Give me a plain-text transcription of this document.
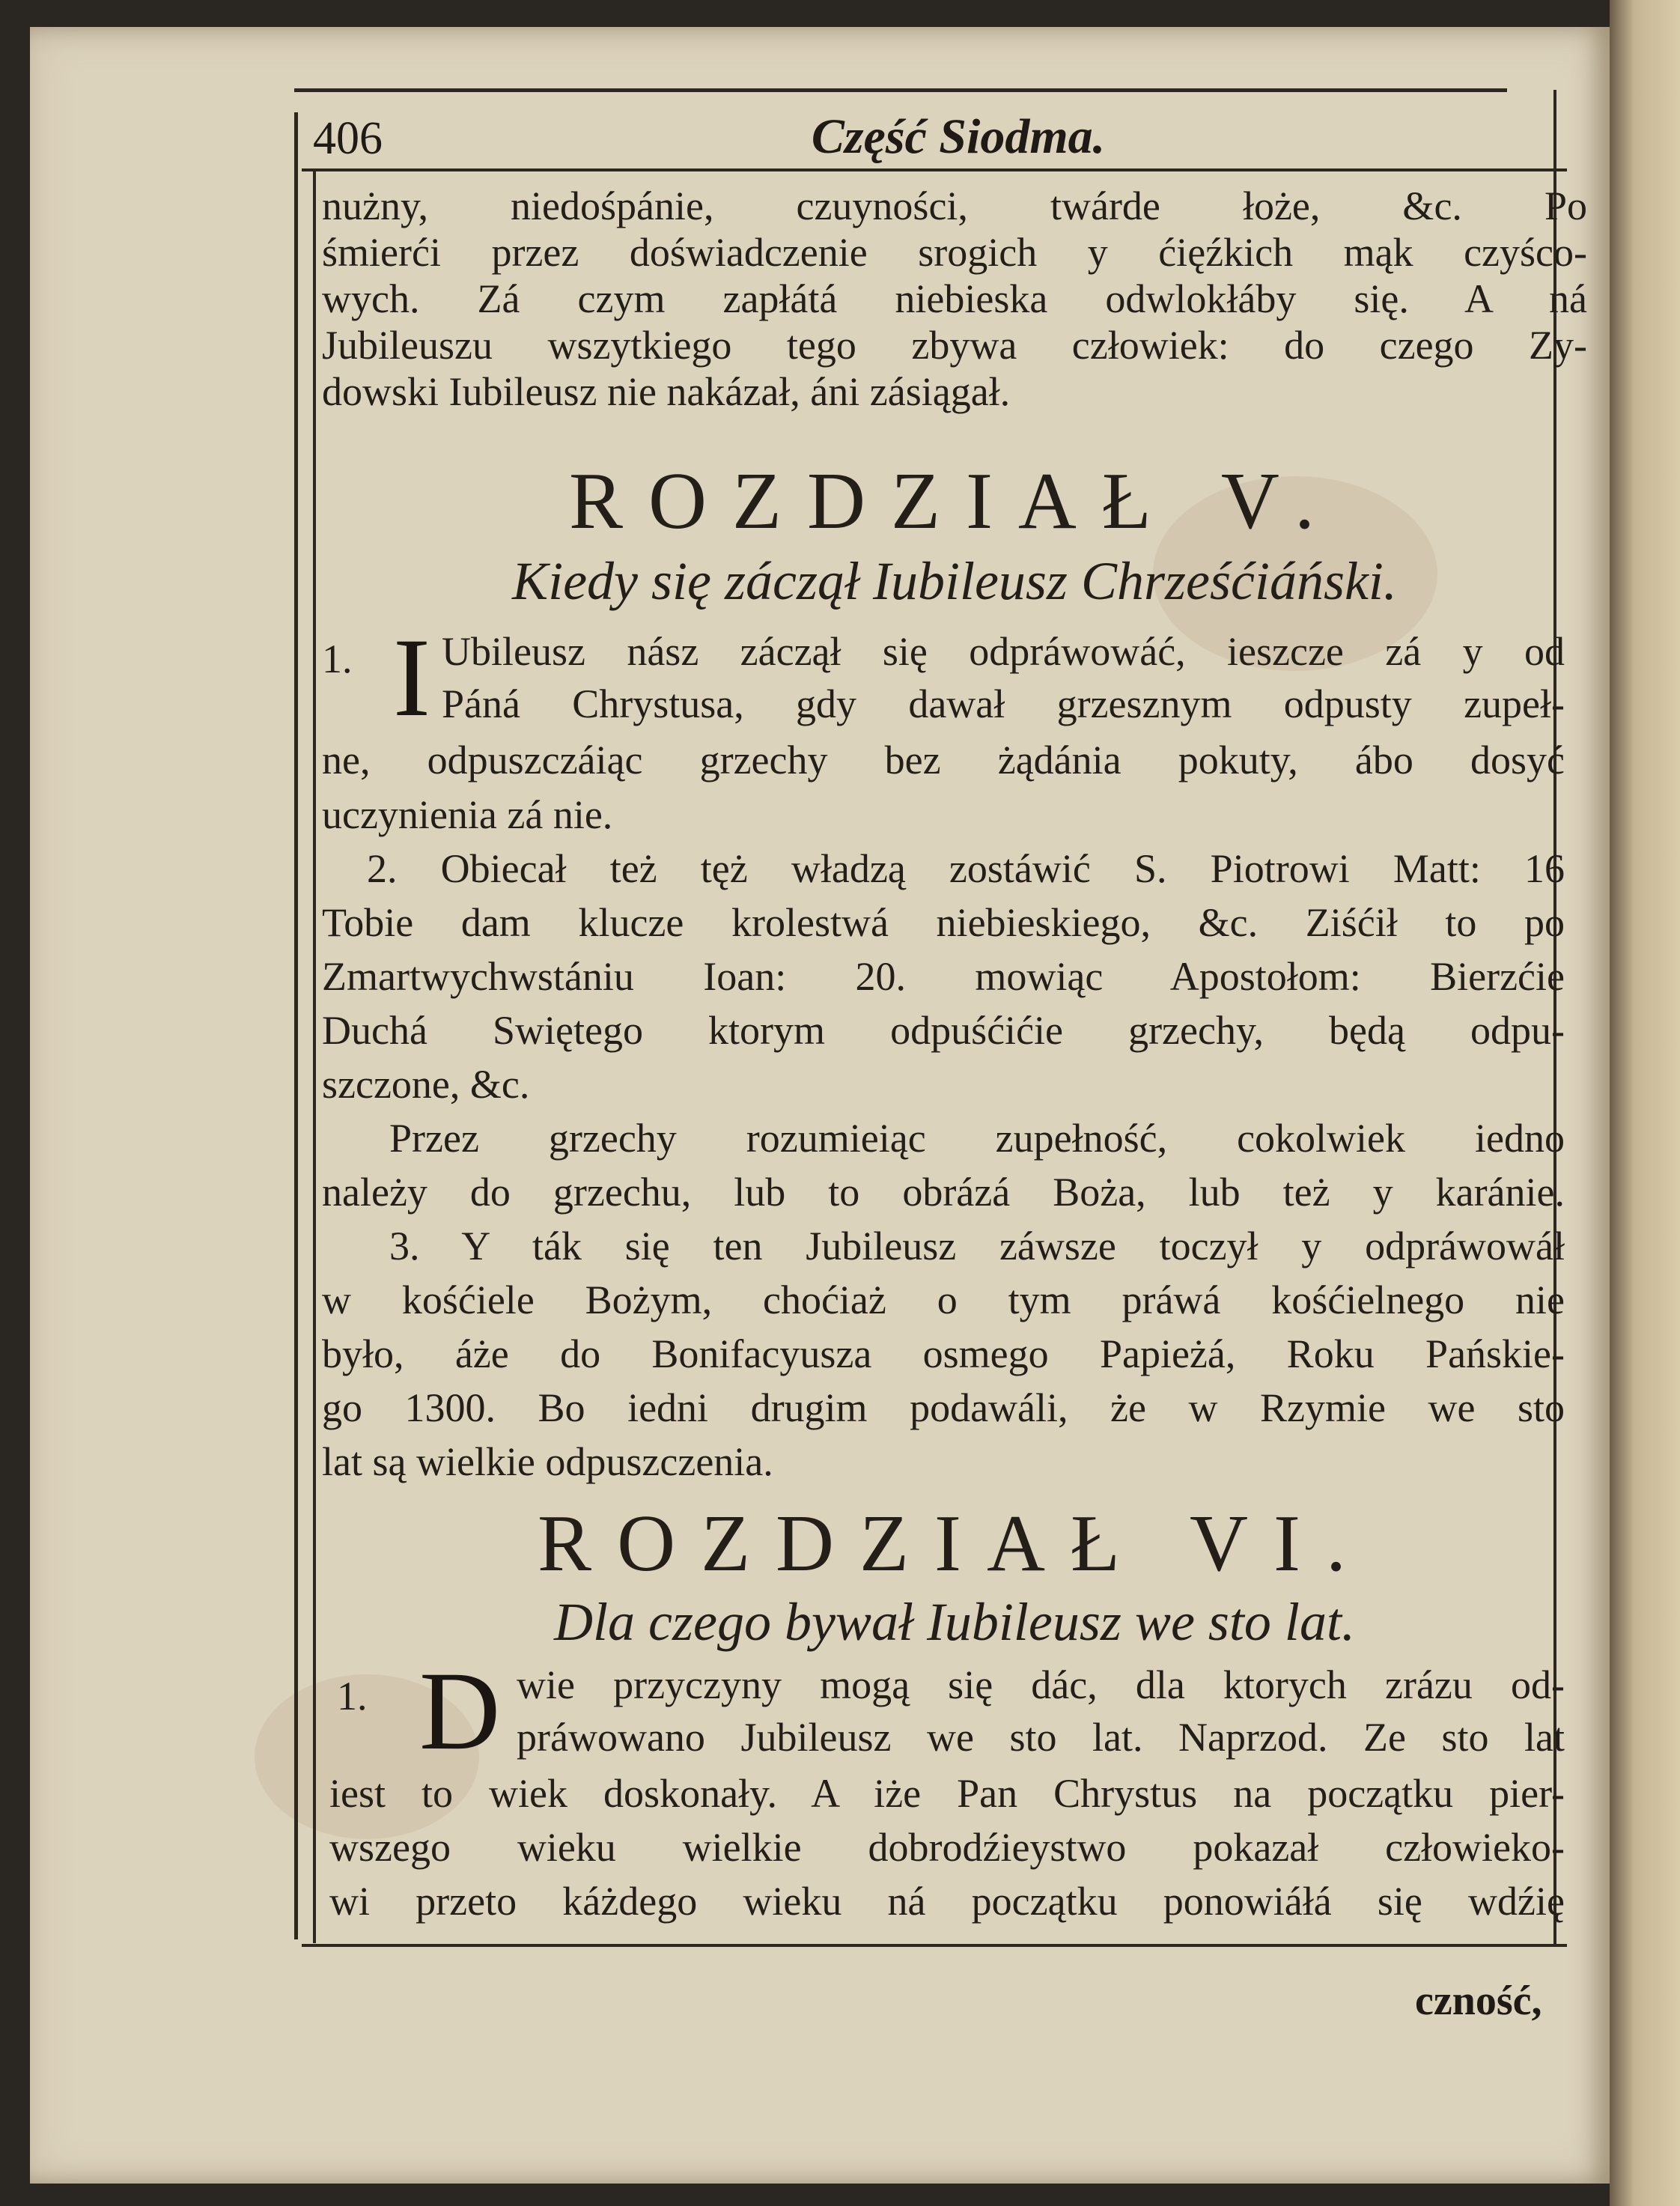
406	Część Siodma.
nużny, niedośpánie, czuyności, twárde łoże, &c. Po
śmierći przez doświadczenie srogich y ćięźkich mąk czyśco-
wych. Zá czym zapłátá niebieska odwlokłáby się. A ná
Jubileuszu wszytkiego tego zbywa człowiek: do czego Zy-
dowski Iubileusz nie nakázał, áni zásiągał.
ROZDZIAŁ V.
Kiedy się záczął Iubileusz Chrześćiáński.
1. I Ubileusz nász záczął się odpráwowáć, ieszcze zá y od
Páná Chrystusa, gdy dawał grzesznym odpusty zupeł-
ne, odpuszczáiąc grzechy bez żądánia pokuty, ábo dosyć
uczynienia zá nie.
2. Obiecał też tęż władzą zostáwić S. Piotrowi Matt: 16
Tobie dam klucze krolestwá niebieskiego, &c. Ziśćił to po
Zmartwychwstániu Ioan: 20. mowiąc Apostołom: Bierzćie
Duchá Swiętego ktorym odpuśćićie grzechy, będą odpu-
szczone, &c.
Przez grzechy rozumieiąc zupełność, cokolwiek iedno
należy do grzechu, lub to obrázá Boża, lub też y karánie.
3. Y ták się ten Jubileusz záwsze toczył y odpráwowáł
w kośćiele Bożym, choćiaż o tym práwá kośćielnego nie
było, áże do Bonifacyusza osmego Papieżá, Roku Pańskie-
go 1300. Bo iedni drugim podawáli, że w Rzymie we sto
lat są wielkie odpuszczenia.
ROZDZIAŁ VI.
Dla czego bywał Iubileusz we sto lat.
1. D wie przyczyny mogą się dác, dla ktorych zrázu od-
práwowano Jubileusz we sto lat. Naprzod. Ze sto lat
iest to wiek doskonały. A iże Pan Chrystus na początku pier-
wszego wieku wielkie dobrodźieystwo pokazał człowieko-
wi przeto káżdego wieku ná początku ponowiáłá się wdźię
czność,
